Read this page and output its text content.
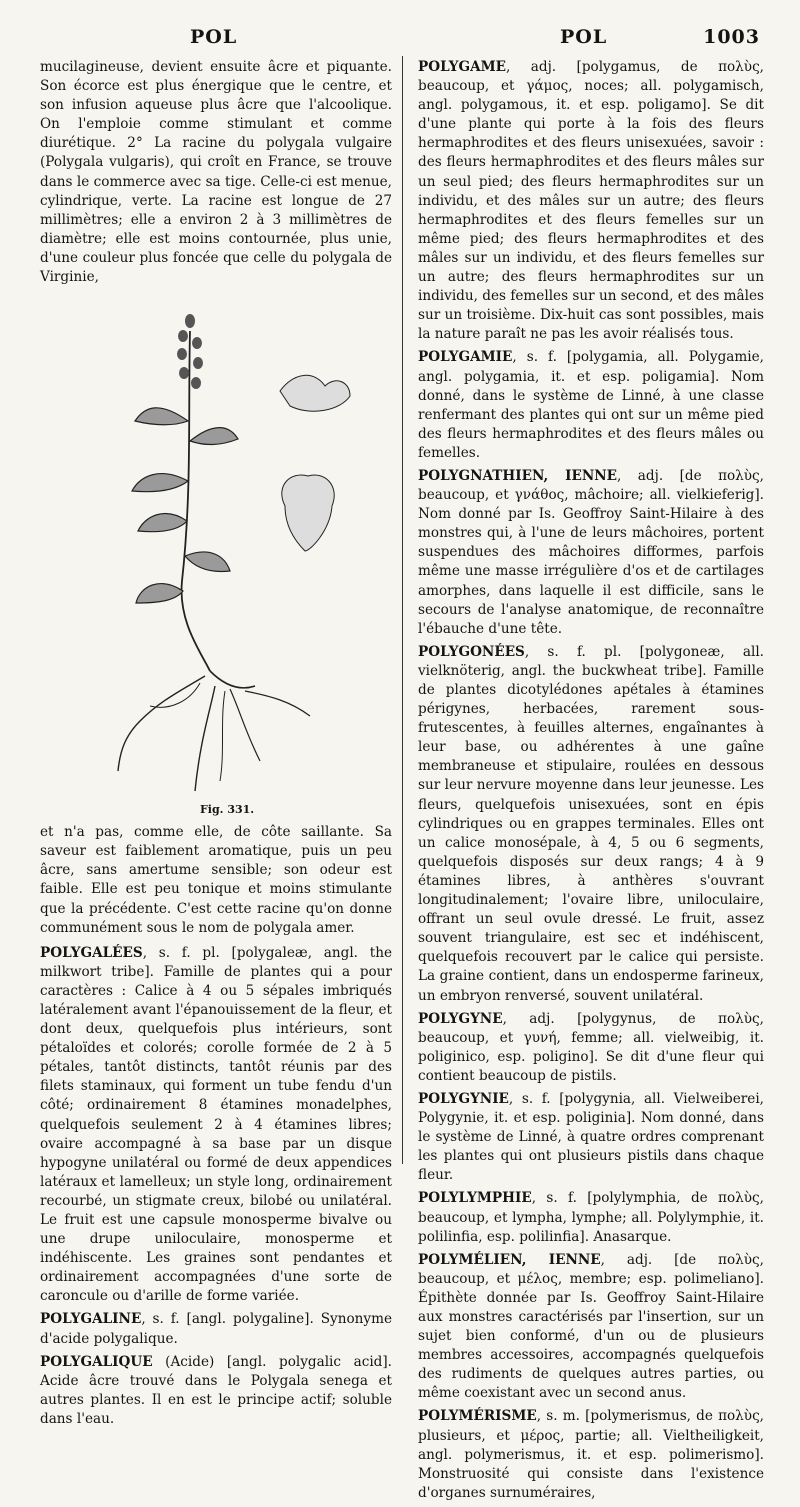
POL	POL	1003

mucilagineuse, devient ensuite âcre et piquante. Son écorce est plus énergique que le centre, et son infusion aqueuse plus âcre que l'alcoolique. On l'emploie comme stimulant et comme diurétique. 2° La racine du polygala vulgaire (Polygala vulgaris), qui croît en France, se trouve dans le commerce avec sa tige. Celle-ci est menue, cylindrique, verte. La racine est longue de 27 millimètres; elle a environ 2 à 3 millimètres de diamètre; elle est moins contournée, plus unie, d'une couleur plus foncée que celle du polygala de Virginie,

Fig. 331.

et n'a pas, comme elle, de côte saillante. Sa saveur est faiblement aromatique, puis un peu âcre, sans amertume sensible; son odeur est faible. Elle est peu tonique et moins stimulante que la précédente. C'est cette racine qu'on donne communément sous le nom de polygala amer.

POLYGALÉES, s. f. pl. [polygaleæ, angl. the milkwort tribe]. Famille de plantes qui a pour caractères : Calice à 4 ou 5 sépales imbriqués latéralement avant l'épanouissement de la fleur, et dont deux, quelquefois plus intérieurs, sont pétaloïdes et colorés; corolle formée de 2 à 5 pétales, tantôt distincts, tantôt réunis par des filets staminaux, qui forment un tube fendu d'un côté; ordinairement 8 étamines monadelphes, quelquefois seulement 2 à 4 étamines libres; ovaire accompagné à sa base par un disque hypogyne unilatéral ou formé de deux appendices latéraux et lamelleux; un style long, ordinairement recourbé, un stigmate creux, bilobé ou unilatéral. Le fruit est une capsule monosperme bivalve ou une drupe uniloculaire, monosperme et indéhiscente. Les graines sont pendantes et ordinairement accompagnées d'une sorte de caroncule ou d'arille de forme variée.
POLYGALINE, s. f. [angl. polygaline]. Synonyme d'acide polygalique.
POLYGALIQUE (Acide) [angl. polygalic acid]. Acide âcre trouvé dans le Polygala senega et autres plantes. Il en est le principe actif; soluble dans l'eau.
POLYGAME, adj. [polygamus, de πολὺς, beaucoup, et γάμος, noces; all. polygamisch, angl. polygamous, it. et esp. poligamo]. Se dit d'une plante qui porte à la fois des fleurs hermaphrodites et des fleurs unisexuées, savoir : des fleurs hermaphrodites et des fleurs mâles sur un seul pied; des fleurs hermaphrodites sur un individu, et des mâles sur un autre; des fleurs hermaphrodites et des fleurs femelles sur un même pied; des fleurs hermaphrodites et des mâles sur un individu, et des fleurs femelles sur un autre; des fleurs hermaphrodites sur un individu, des femelles sur un second, et des mâles sur un troisième. Dix-huit cas sont possibles, mais la nature paraît ne pas les avoir réalisés tous.
POLYGAMIE, s. f. [polygamia, all. Polygamie, angl. polygamia, it. et esp. poligamia]. Nom donné, dans le système de Linné, à une classe renfermant des plantes qui ont sur un même pied des fleurs hermaphrodites et des fleurs mâles ou femelles.
POLYGNATHIEN, IENNE, adj. [de πολὺς, beaucoup, et γνάθος, mâchoire; all. vielkieferig]. Nom donné par Is. Geoffroy Saint-Hilaire à des monstres qui, à l'une de leurs mâchoires, portent suspendues des mâchoires difformes, parfois même une masse irrégulière d'os et de cartilages amorphes, dans laquelle il est difficile, sans le secours de l'analyse anatomique, de reconnaître l'ébauche d'une tête.
POLYGONÉES, s. f. pl. [polygoneæ, all. vielknöterig, angl. the buckwheat tribe]. Famille de plantes dicotylédones apétales à étamines périgynes, herbacées, rarement sous-frutescentes, à feuilles alternes, engaînantes à leur base, ou adhérentes à une gaîne membraneuse et stipulaire, roulées en dessous sur leur nervure moyenne dans leur jeunesse. Les fleurs, quelquefois unisexuées, sont en épis cylindriques ou en grappes terminales. Elles ont un calice monosépale, à 4, 5 ou 6 segments, quelquefois disposés sur deux rangs; 4 à 9 étamines libres, à anthères s'ouvrant longitudinalement; l'ovaire libre, uniloculaire, offrant un seul ovule dressé. Le fruit, assez souvent triangulaire, est sec et indéhiscent, quelquefois recouvert par le calice qui persiste. La graine contient, dans un endosperme farineux, un embryon renversé, souvent unilatéral.
POLYGYNE, adj. [polygynus, de πολὺς, beaucoup, et γυνή, femme; all. vielweibig, it. poliginico, esp. poligino]. Se dit d'une fleur qui contient beaucoup de pistils.
POLYGYNIE, s. f. [polygynia, all. Vielweiberei, Polygynie, it. et esp. poliginia]. Nom donné, dans le système de Linné, à quatre ordres comprenant les plantes qui ont plusieurs pistils dans chaque fleur.
POLYLYMPHIE, s. f. [polylymphia, de πολὺς, beaucoup, et lympha, lymphe; all. Polylymphie, it. polilinfia, esp. polilinfia]. Anasarque.
POLYMÉLIEN, IENNE, adj. [de πολὺς, beaucoup, et μέλος, membre; esp. polimeliano]. Épithète donnée par Is. Geoffroy Saint-Hilaire aux monstres caractérisés par l'insertion, sur un sujet bien conformé, d'un ou de plusieurs membres accessoires, accompagnés quelquefois des rudiments de quelques autres parties, ou même coexistant avec un second anus.
POLYMÉRISME, s. m. [polymerismus, de πολὺς, plusieurs, et μέρος, partie; all. Vieltheiligkeit, angl. polymerismus, it. et esp. polimerismo]. Monstruosité qui consiste dans l'existence d'organes surnuméraires,
